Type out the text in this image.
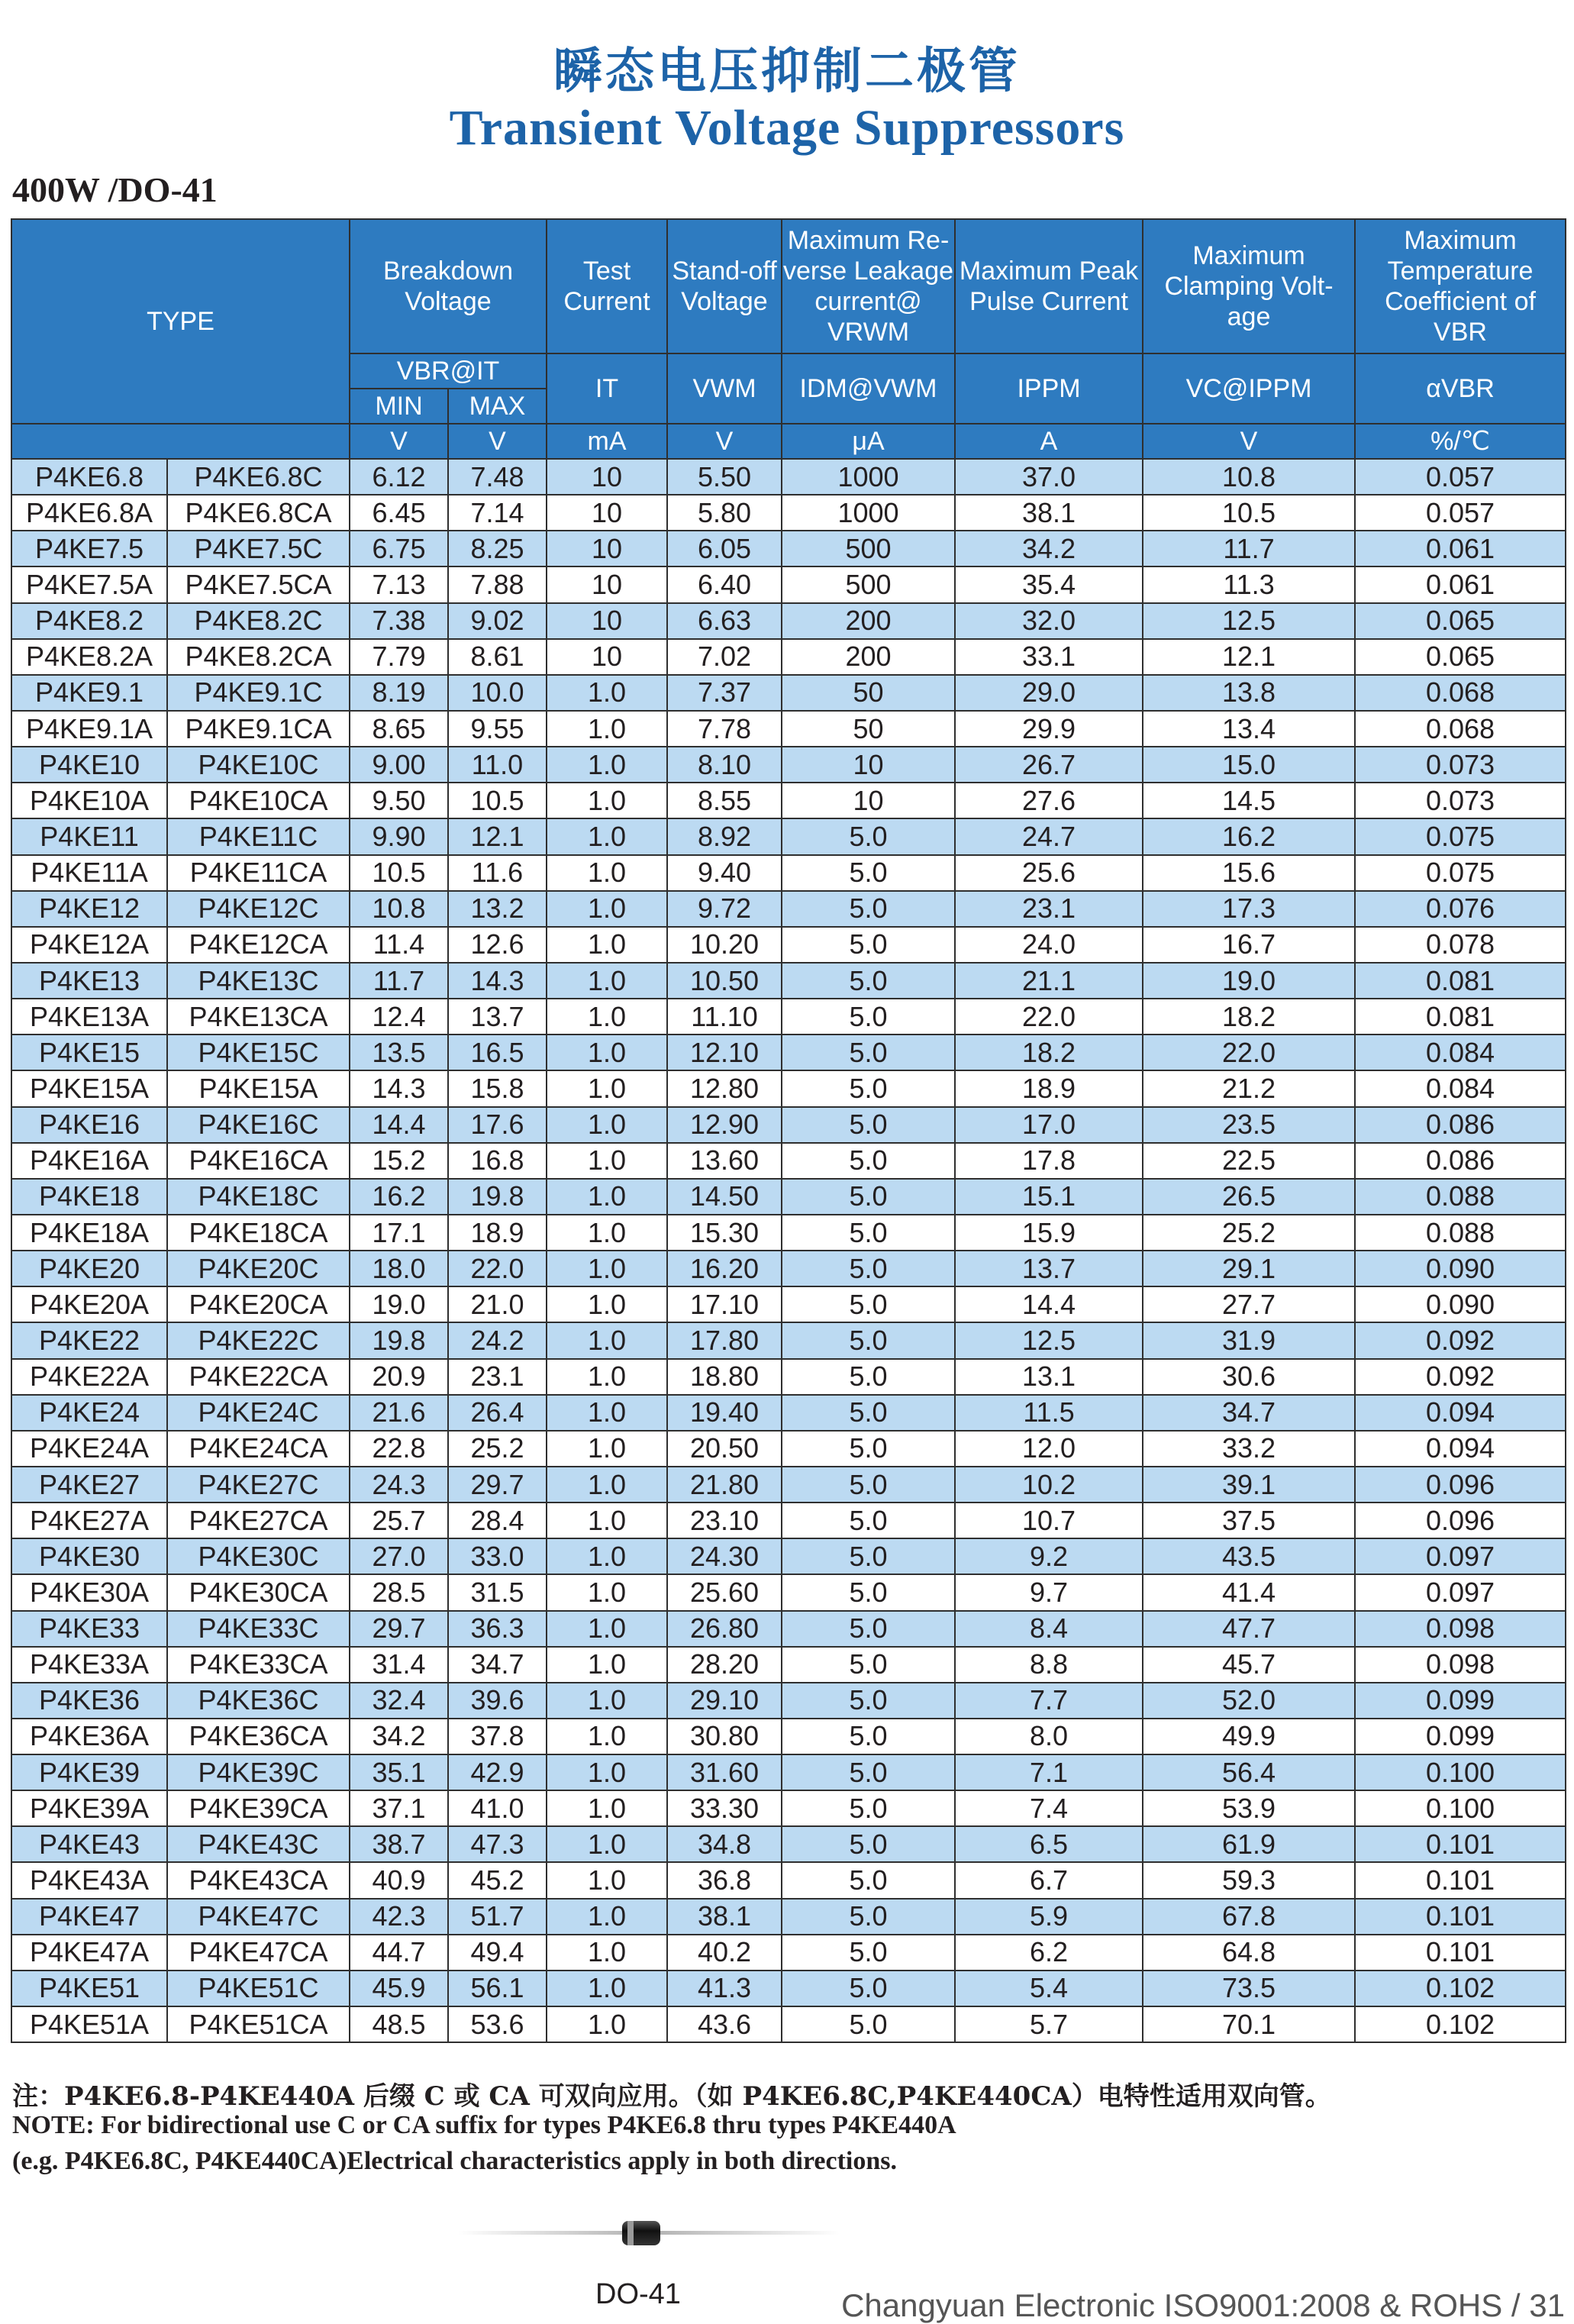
瞬态电压抑制二极管
Transient Voltage Suppressors
400W /DO-41
TYPE		Breakdown Voltage		Test Current	Stand-off Voltage	Maximum Re-verse Leakage current@ VRWM	Maximum Peak Pulse Current	Maximum Clamping Volt-age	Maximum Temperature Coefficient of VBR
		VBR@IT		IT	VWM	IDM@VWM	IPPM	VC@IPPM	αVBR
		MIN	MAX						
		V	V	mA	V	μA	A	V	%/℃
P4KE6.8	P4KE6.8C	6.12	7.48	10	5.50	1000	37.0	10.8	0.057
P4KE6.8A	P4KE6.8CA	6.45	7.14	10	5.80	1000	38.1	10.5	0.057
P4KE7.5	P4KE7.5C	6.75	8.25	10	6.05	500	34.2	11.7	0.061
P4KE7.5A	P4KE7.5CA	7.13	7.88	10	6.40	500	35.4	11.3	0.061
P4KE8.2	P4KE8.2C	7.38	9.02	10	6.63	200	32.0	12.5	0.065
P4KE8.2A	P4KE8.2CA	7.79	8.61	10	7.02	200	33.1	12.1	0.065
P4KE9.1	P4KE9.1C	8.19	10.0	1.0	7.37	50	29.0	13.8	0.068
P4KE9.1A	P4KE9.1CA	8.65	9.55	1.0	7.78	50	29.9	13.4	0.068
P4KE10	P4KE10C	9.00	11.0	1.0	8.10	10	26.7	15.0	0.073
P4KE10A	P4KE10CA	9.50	10.5	1.0	8.55	10	27.6	14.5	0.073
P4KE11	P4KE11C	9.90	12.1	1.0	8.92	5.0	24.7	16.2	0.075
P4KE11A	P4KE11CA	10.5	11.6	1.0	9.40	5.0	25.6	15.6	0.075
P4KE12	P4KE12C	10.8	13.2	1.0	9.72	5.0	23.1	17.3	0.076
P4KE12A	P4KE12CA	11.4	12.6	1.0	10.20	5.0	24.0	16.7	0.078
P4KE13	P4KE13C	11.7	14.3	1.0	10.50	5.0	21.1	19.0	0.081
P4KE13A	P4KE13CA	12.4	13.7	1.0	11.10	5.0	22.0	18.2	0.081
P4KE15	P4KE15C	13.5	16.5	1.0	12.10	5.0	18.2	22.0	0.084
P4KE15A	P4KE15A	14.3	15.8	1.0	12.80	5.0	18.9	21.2	0.084
P4KE16	P4KE16C	14.4	17.6	1.0	12.90	5.0	17.0	23.5	0.086
P4KE16A	P4KE16CA	15.2	16.8	1.0	13.60	5.0	17.8	22.5	0.086
P4KE18	P4KE18C	16.2	19.8	1.0	14.50	5.0	15.1	26.5	0.088
P4KE18A	P4KE18CA	17.1	18.9	1.0	15.30	5.0	15.9	25.2	0.088
P4KE20	P4KE20C	18.0	22.0	1.0	16.20	5.0	13.7	29.1	0.090
P4KE20A	P4KE20CA	19.0	21.0	1.0	17.10	5.0	14.4	27.7	0.090
P4KE22	P4KE22C	19.8	24.2	1.0	17.80	5.0	12.5	31.9	0.092
P4KE22A	P4KE22CA	20.9	23.1	1.0	18.80	5.0	13.1	30.6	0.092
P4KE24	P4KE24C	21.6	26.4	1.0	19.40	5.0	11.5	34.7	0.094
P4KE24A	P4KE24CA	22.8	25.2	1.0	20.50	5.0	12.0	33.2	0.094
P4KE27	P4KE27C	24.3	29.7	1.0	21.80	5.0	10.2	39.1	0.096
P4KE27A	P4KE27CA	25.7	28.4	1.0	23.10	5.0	10.7	37.5	0.096
P4KE30	P4KE30C	27.0	33.0	1.0	24.30	5.0	9.2	43.5	0.097
P4KE30A	P4KE30CA	28.5	31.5	1.0	25.60	5.0	9.7	41.4	0.097
P4KE33	P4KE33C	29.7	36.3	1.0	26.80	5.0	8.4	47.7	0.098
P4KE33A	P4KE33CA	31.4	34.7	1.0	28.20	5.0	8.8	45.7	0.098
P4KE36	P4KE36C	32.4	39.6	1.0	29.10	5.0	7.7	52.0	0.099
P4KE36A	P4KE36CA	34.2	37.8	1.0	30.80	5.0	8.0	49.9	0.099
P4KE39	P4KE39C	35.1	42.9	1.0	31.60	5.0	7.1	56.4	0.100
P4KE39A	P4KE39CA	37.1	41.0	1.0	33.30	5.0	7.4	53.9	0.100
P4KE43	P4KE43C	38.7	47.3	1.0	34.8	5.0	6.5	61.9	0.101
P4KE43A	P4KE43CA	40.9	45.2	1.0	36.8	5.0	6.7	59.3	0.101
P4KE47	P4KE47C	42.3	51.7	1.0	38.1	5.0	5.9	67.8	0.101
P4KE47A	P4KE47CA	44.7	49.4	1.0	40.2	5.0	6.2	64.8	0.101
P4KE51	P4KE51C	45.9	56.1	1.0	41.3	5.0	5.4	73.5	0.102
P4KE51A	P4KE51CA	48.5	53.6	1.0	43.6	5.0	5.7	70.1	0.102
注：P4KE6.8-P4KE440A 后缀 C 或 CA 可双向应用。（如 P4KE6.8C,P4KE440CA）电特性适用双向管。
NOTE: For bidirectional use C or CA suffix for types P4KE6.8 thru types P4KE440A
(e.g. P4KE6.8C, P4KE440CA)Electrical characteristics apply in both directions.
DO-41	Changyuan Electronic ISO9001:2008 & ROHS / 31
